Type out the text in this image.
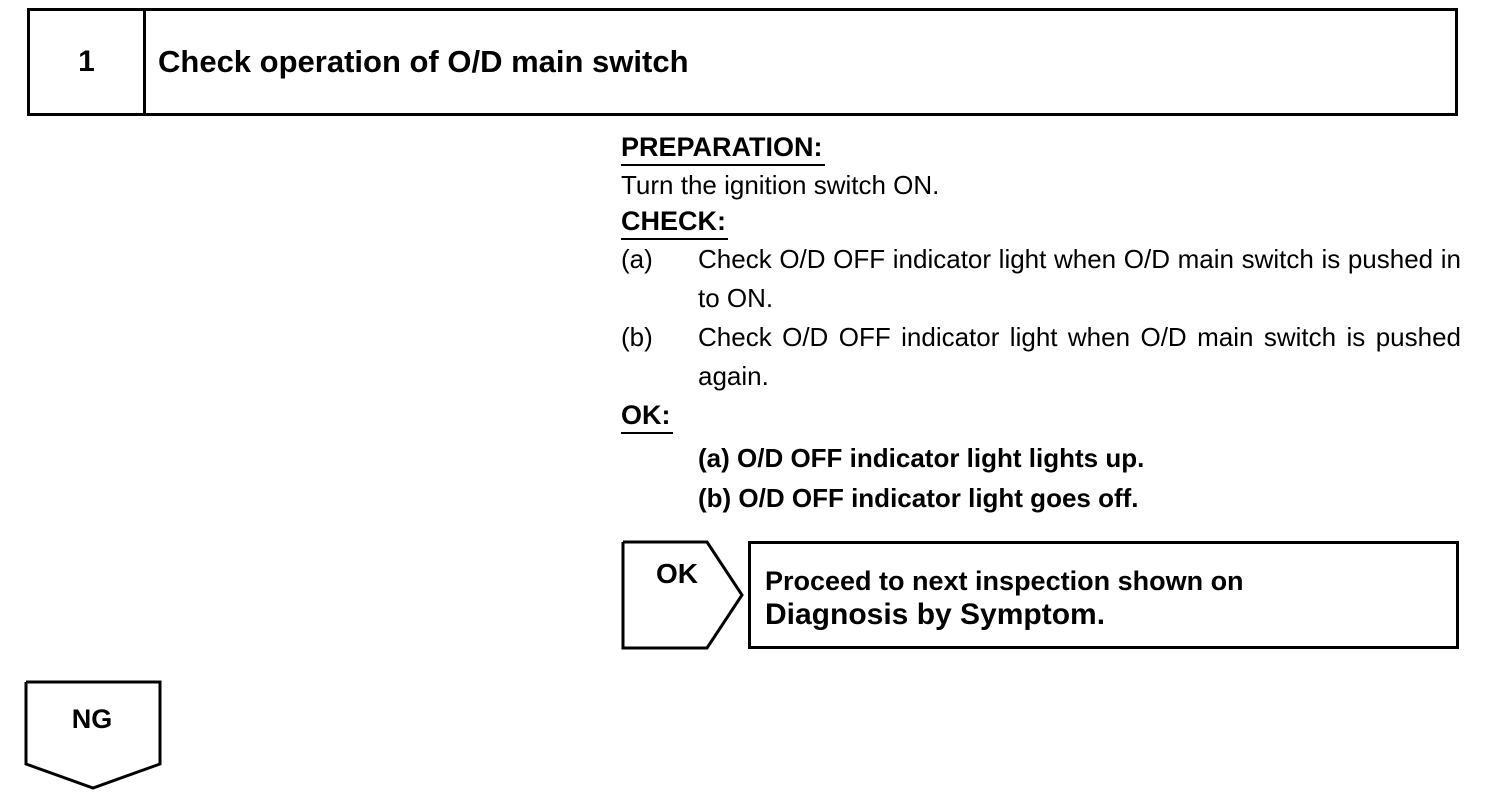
1	Check operation of O/D main switch
PREPARATION:
Turn the ignition switch ON.
CHECK:
(a)	Check O/D OFF indicator light when O/D main switch is pushed in to ON.
(b)	Check O/D OFF indicator light when O/D main switch is pushed again.
OK:
(a) O/D OFF indicator light lights up.
(b) O/D OFF indicator light goes off.
OK	Proceed to next inspection shown on
Diagnosis by Symptom.
NG
